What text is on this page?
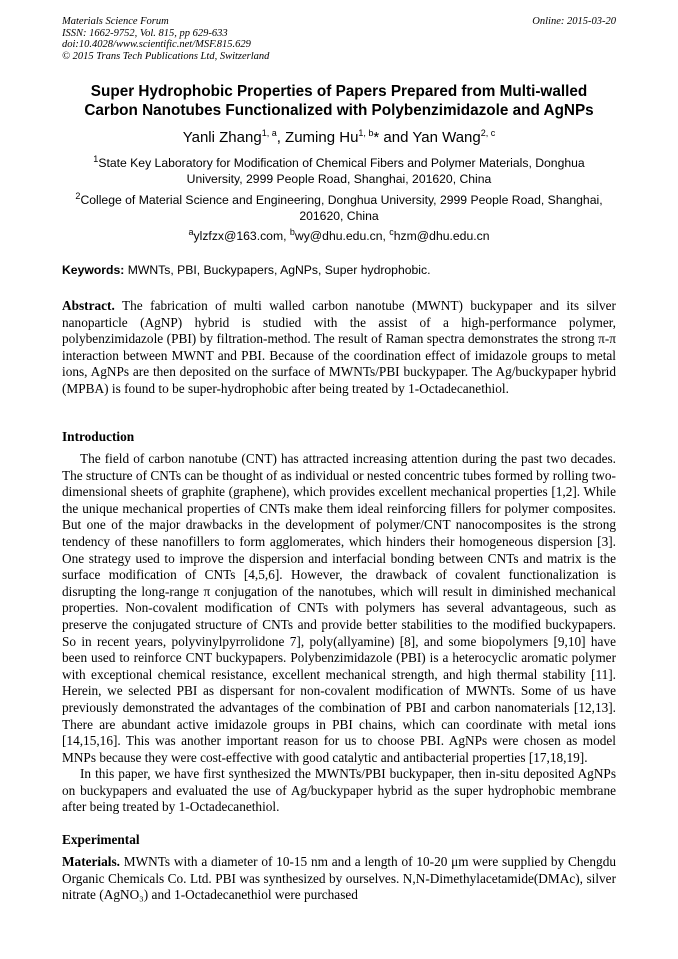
Materials Science Forum
ISSN: 1662-9752, Vol. 815, pp 629-633
doi:10.4028/www.scientific.net/MSF.815.629
© 2015 Trans Tech Publications Ltd, Switzerland
Online: 2015-03-20
Super Hydrophobic Properties of Papers Prepared from Multi-walled
Carbon Nanotubes Functionalized with Polybenzimidazole and AgNPs
Yanli Zhang$^{1, a}$, Zuming Hu$^{1, b}$* and Yan Wang$^{2, c}$
$^1$State Key Laboratory for Modification of Chemical Fibers and Polymer Materials, Donghua
University, 2999 People Road, Shanghai, 201620, China
$^2$College of Material Science and Engineering, Donghua University, 2999 People Road, Shanghai,
201620, China
$^a$ylzfzx@163.com, $^b$wy@dhu.edu.cn, $^c$hzm@dhu.edu.cn
Keywords: MWNTs, PBI, Buckypapers, AgNPs, Super hydrophobic.
Abstract. The fabrication of multi walled carbon nanotube (MWNT) buckypaper and its silver nanoparticle (AgNP) hybrid is studied with the assist of a high-performance polymer, polybenzimidazole (PBI) by filtration-method. The result of Raman spectra demonstrates the strong π-π interaction between MWNT and PBI. Because of the coordination effect of imidazole groups to metal ions, AgNPs are then deposited on the surface of MWNTs/PBI buckypaper. The Ag/buckypaper hybrid (MPBA) is found to be super-hydrophobic after being treated by 1-Octadecanethiol.
Introduction

The field of carbon nanotube (CNT) has attracted increasing attention during the past two decades. The structure of CNTs can be thought of as individual or nested concentric tubes formed by rolling two-dimensional sheets of graphite (graphene), which provides excellent mechanical properties [1,2]. While the unique mechanical properties of CNTs make them ideal reinforcing fillers for polymer composites. But one of the major drawbacks in the development of polymer/CNT nanocomposites is the strong tendency of these nanofillers to form agglomerates, which hinders their homogeneous dispersion [3]. One strategy used to improve the dispersion and interfacial bonding between CNTs and matrix is the surface modification of CNTs [4,5,6]. However, the drawback of covalent functionalization is disrupting the long-range π conjugation of the nanotubes, which will result in diminished mechanical properties. Non-covalent modification of CNTs with polymers has several advantageous, such as preserve the conjugated structure of CNTs and provide better stabilities to the modified buckypapers. So in recent years, polyvinylpyrrolidone 7], poly(allyamine) [8], and some biopolymers [9,10] have been used to reinforce CNT buckypapers. Polybenzimidazole (PBI) is a heterocyclic aromatic polymer with exceptional chemical resistance, excellent mechanical strength, and high thermal stability [11]. Herein, we selected PBI as dispersant for non-covalent modification of MWNTs. Some of us have previously demonstrated the advantages of the combination of PBI and carbon nanomaterials [12,13]. There are abundant active imidazole groups in PBI chains, which can coordinate with metal ions [14,15,16]. This was another important reason for us to choose PBI. AgNPs were chosen as model MNPs because they were cost-effective with good catalytic and antibacterial properties [17,18,19].

In this paper, we have first synthesized the MWNTs/PBI buckypaper, then in-situ deposited AgNPs on buckypapers and evaluated the use of Ag/buckypaper hybrid as the super hydrophobic membrane after being treated by 1-Octadecanethiol.

Experimental
Materials. MWNTs with a diameter of 10-15 nm and a length of 10-20 μm were supplied by Chengdu Organic Chemicals Co. Ltd. PBI was synthesized by ourselves. N,N-Dimethylacetamide(DMAc), silver nitrate (AgNO₃) and 1-Octadecanethiol were purchased
